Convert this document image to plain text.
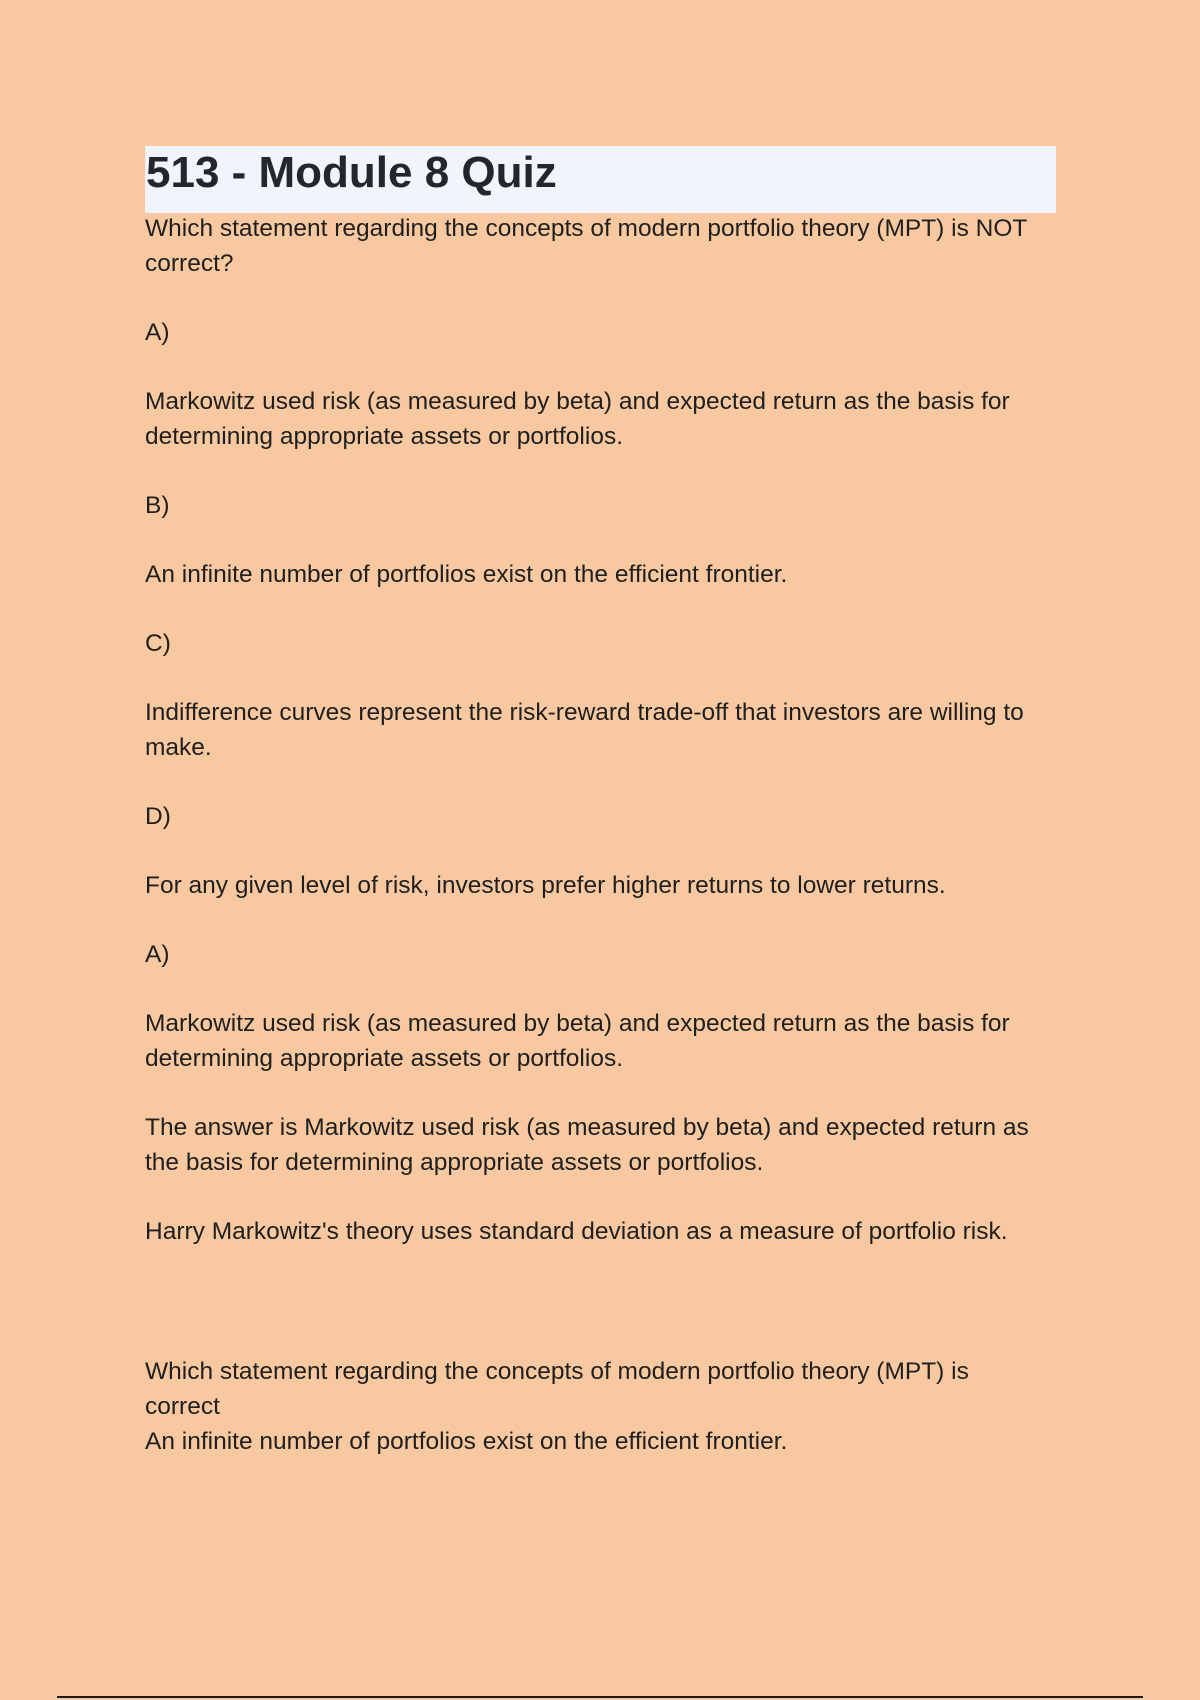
513 - Module 8 Quiz

Which statement regarding the concepts of modern portfolio theory (MPT) is NOT correct?

A)

Markowitz used risk (as measured by beta) and expected return as the basis for determining appropriate assets or portfolios.

B)

An infinite number of portfolios exist on the efficient frontier.

C)

Indifference curves represent the risk-reward trade-off that investors are willing to make.

D)

For any given level of risk, investors prefer higher returns to lower returns.

A)

Markowitz used risk (as measured by beta) and expected return as the basis for determining appropriate assets or portfolios.

The answer is Markowitz used risk (as measured by beta) and expected return as the basis for determining appropriate assets or portfolios.

Harry Markowitz's theory uses standard deviation as a measure of portfolio risk.

Which statement regarding the concepts of modern portfolio theory (MPT) is correct

An infinite number of portfolios exist on the efficient frontier.
